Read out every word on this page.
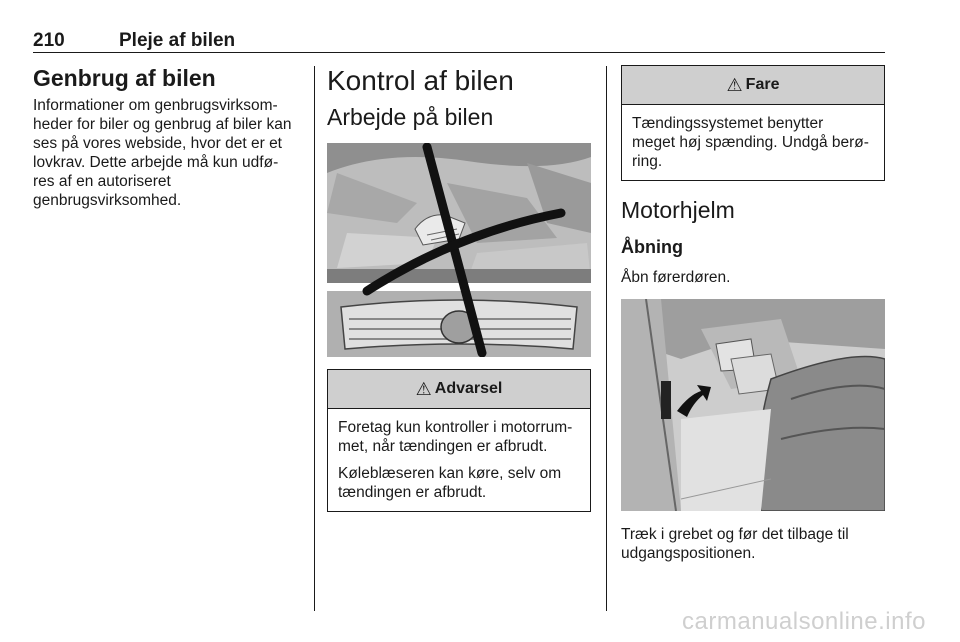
210	Pleje af bilen
Genbrug af bilen

Informationer om genbrugsvirksom-
heder for biler og genbrug af biler kan
ses på vores webside, hvor det er et
lovkrav. Dette arbejde må kun udfø-
res af en autoriseret
genbrugsvirksomhed.

Kontrol af bilen
Arbejde på bilen
⚠ Advarsel

Foretag kun kontroller i motorrum-
met, når tændingen er afbrudt.

Køleblæseren kan køre, selv om
tændingen er afbrudt.

⚠ Fare

Tændingssystemet benytter
meget høj spænding. Undgå berø-
ring.

Motorhjelm
Åbning

Åbn førerdøren.

Træk i grebet og før det tilbage til
udgangspositionen.

carmanualsonline.info
